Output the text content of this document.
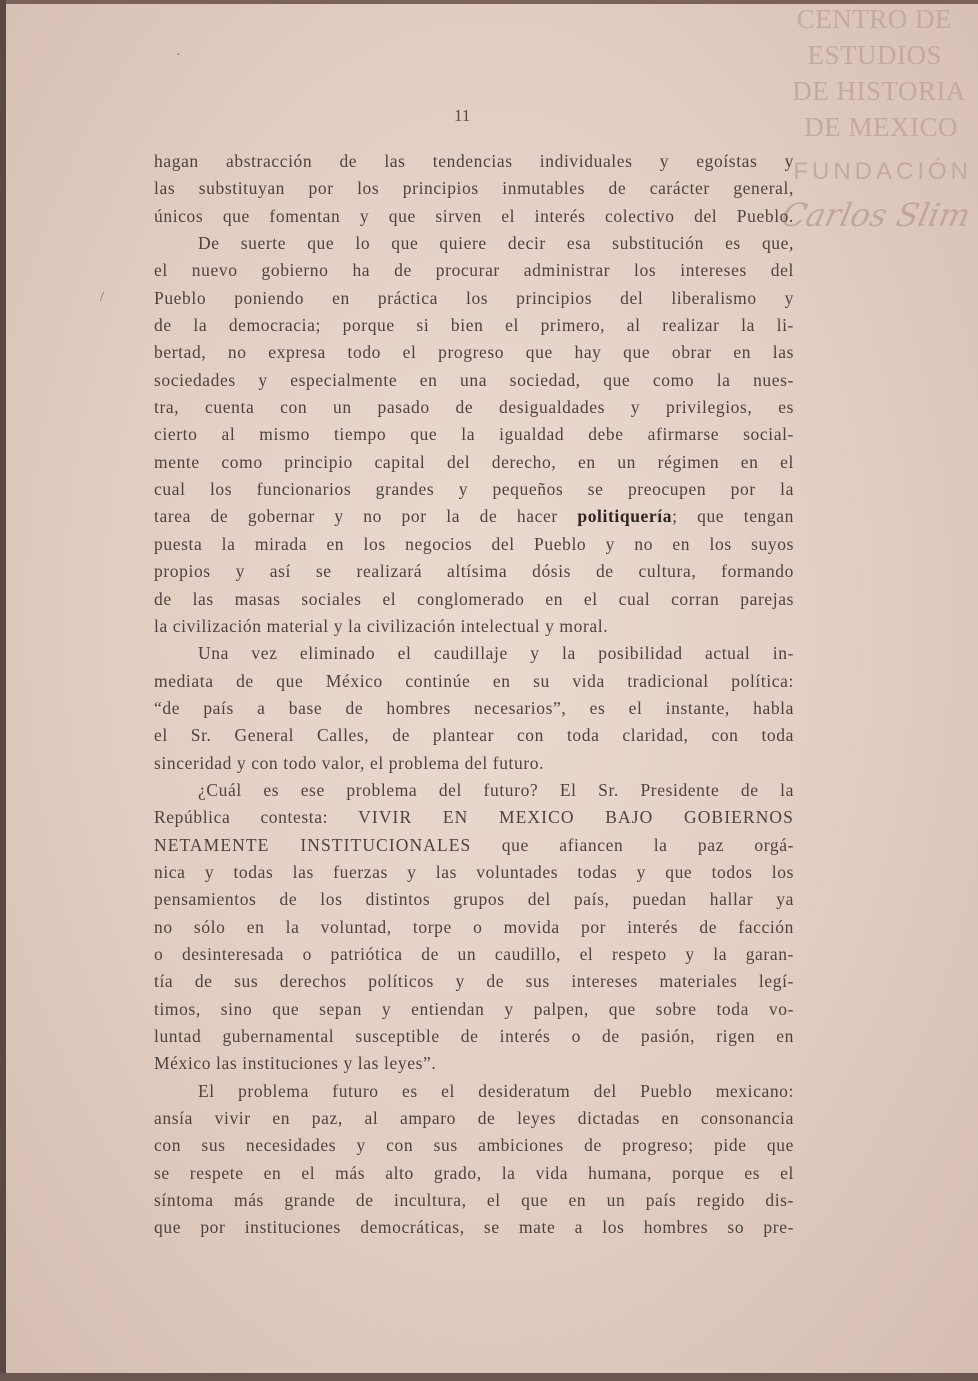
·
/
CENTRO DE
ESTUDIOS
DE HISTORIA
DE MEXICO
FUNDACIÓN
Carlos Slim
11
hagan abstracción de las tendencias individuales y egoístas y
las substituyan por los principios inmutables de carácter general,
únicos que fomentan y que sirven el interés colectivo del Pueblo.
De suerte que lo que quiere decir esa substitución es que,
el nuevo gobierno ha de procurar administrar los intereses del
Pueblo poniendo en práctica los principios del liberalismo y
de la democracia; porque si bien el primero, al realizar la li-
bertad, no expresa todo el progreso que hay que obrar en las
sociedades y especialmente en una sociedad, que como la nues-
tra, cuenta con un pasado de desigualdades y privilegios, es
cierto al mismo tiempo que la igualdad debe afirmarse social-
mente como principio capital del derecho, en un régimen en el
cual los funcionarios grandes y pequeños se preocupen por la
tarea de gobernar y no por la de hacer politiquería; que tengan
puesta la mirada en los negocios del Pueblo y no en los suyos
propios y así se realizará altísima dósis de cultura, formando
de las masas sociales el conglomerado en el cual corran parejas
la civilización material y la civilización intelectual y moral.
Una vez eliminado el caudillaje y la posibilidad actual in-
mediata de que México continúe en su vida tradicional política:
“de país a base de hombres necesarios”, es el instante, habla
el Sr. General Calles, de plantear con toda claridad, con toda
sinceridad y con todo valor, el problema del futuro.
¿Cuál es ese problema del futuro? El Sr. Presidente de la
República contesta: VIVIR EN MEXICO BAJO GOBIERNOS
NETAMENTE INSTITUCIONALES que afiancen la paz orgá-
nica y todas las fuerzas y las voluntades todas y que todos los
pensamientos de los distintos grupos del país, puedan hallar ya
no sólo en la voluntad, torpe o movida por interés de facción
o desinteresada o patriótica de un caudillo, el respeto y la garan-
tía de sus derechos políticos y de sus intereses materiales legí-
timos, sino que sepan y entiendan y palpen, que sobre toda vo-
luntad gubernamental susceptible de interés o de pasión, rigen en
México las instituciones y las leyes”.
El problema futuro es el desideratum del Pueblo mexicano:
ansía vivir en paz, al amparo de leyes dictadas en consonancia
con sus necesidades y con sus ambiciones de progreso; pide que
se respete en el más alto grado, la vida humana, porque es el
síntoma más grande de incultura, el que en un país regido dis-
que por instituciones democráticas, se mate a los hombres so pre-
